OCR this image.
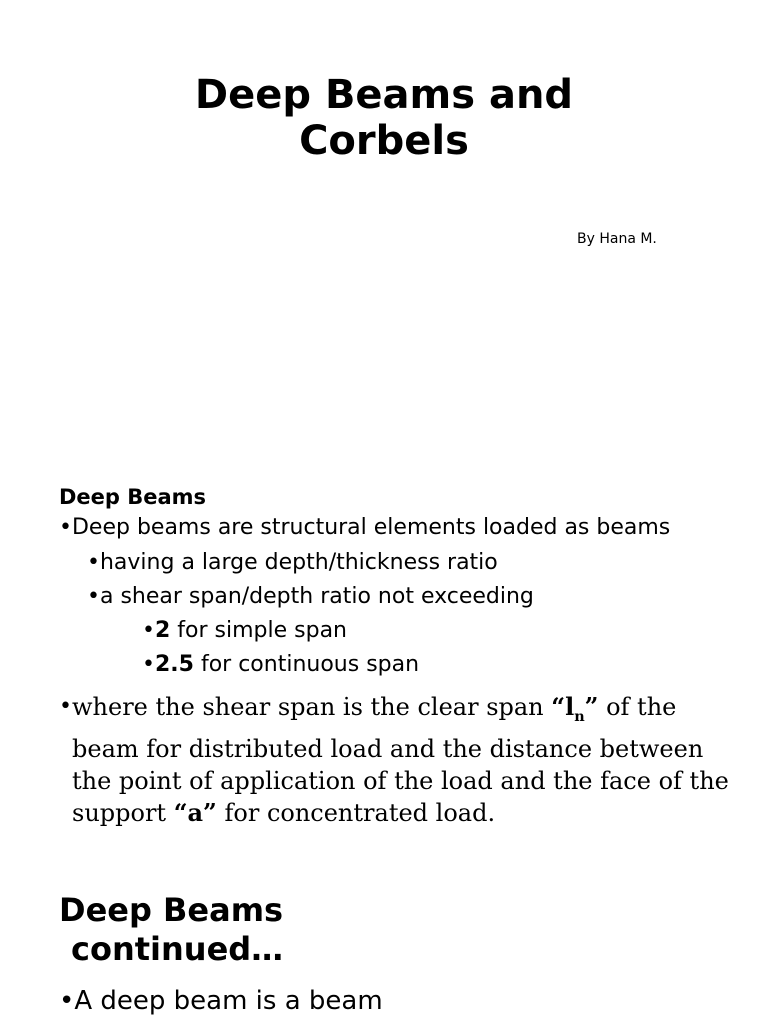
Deep Beams and
Corbels
By Hana M.
Deep Beams
•Deep beams are structural elements loaded as beams
•having a large depth/thickness ratio
•a shear span/depth ratio not exceeding
•2 for simple span
•2.5 for continuous span
• where the shear span is the clear span “$l_n$” of the
beam for distributed load and the distance between
the point of application of the load and the face of the
support “a” for concentrated load.
Deep Beams
continued…
•A deep beam is a beam
